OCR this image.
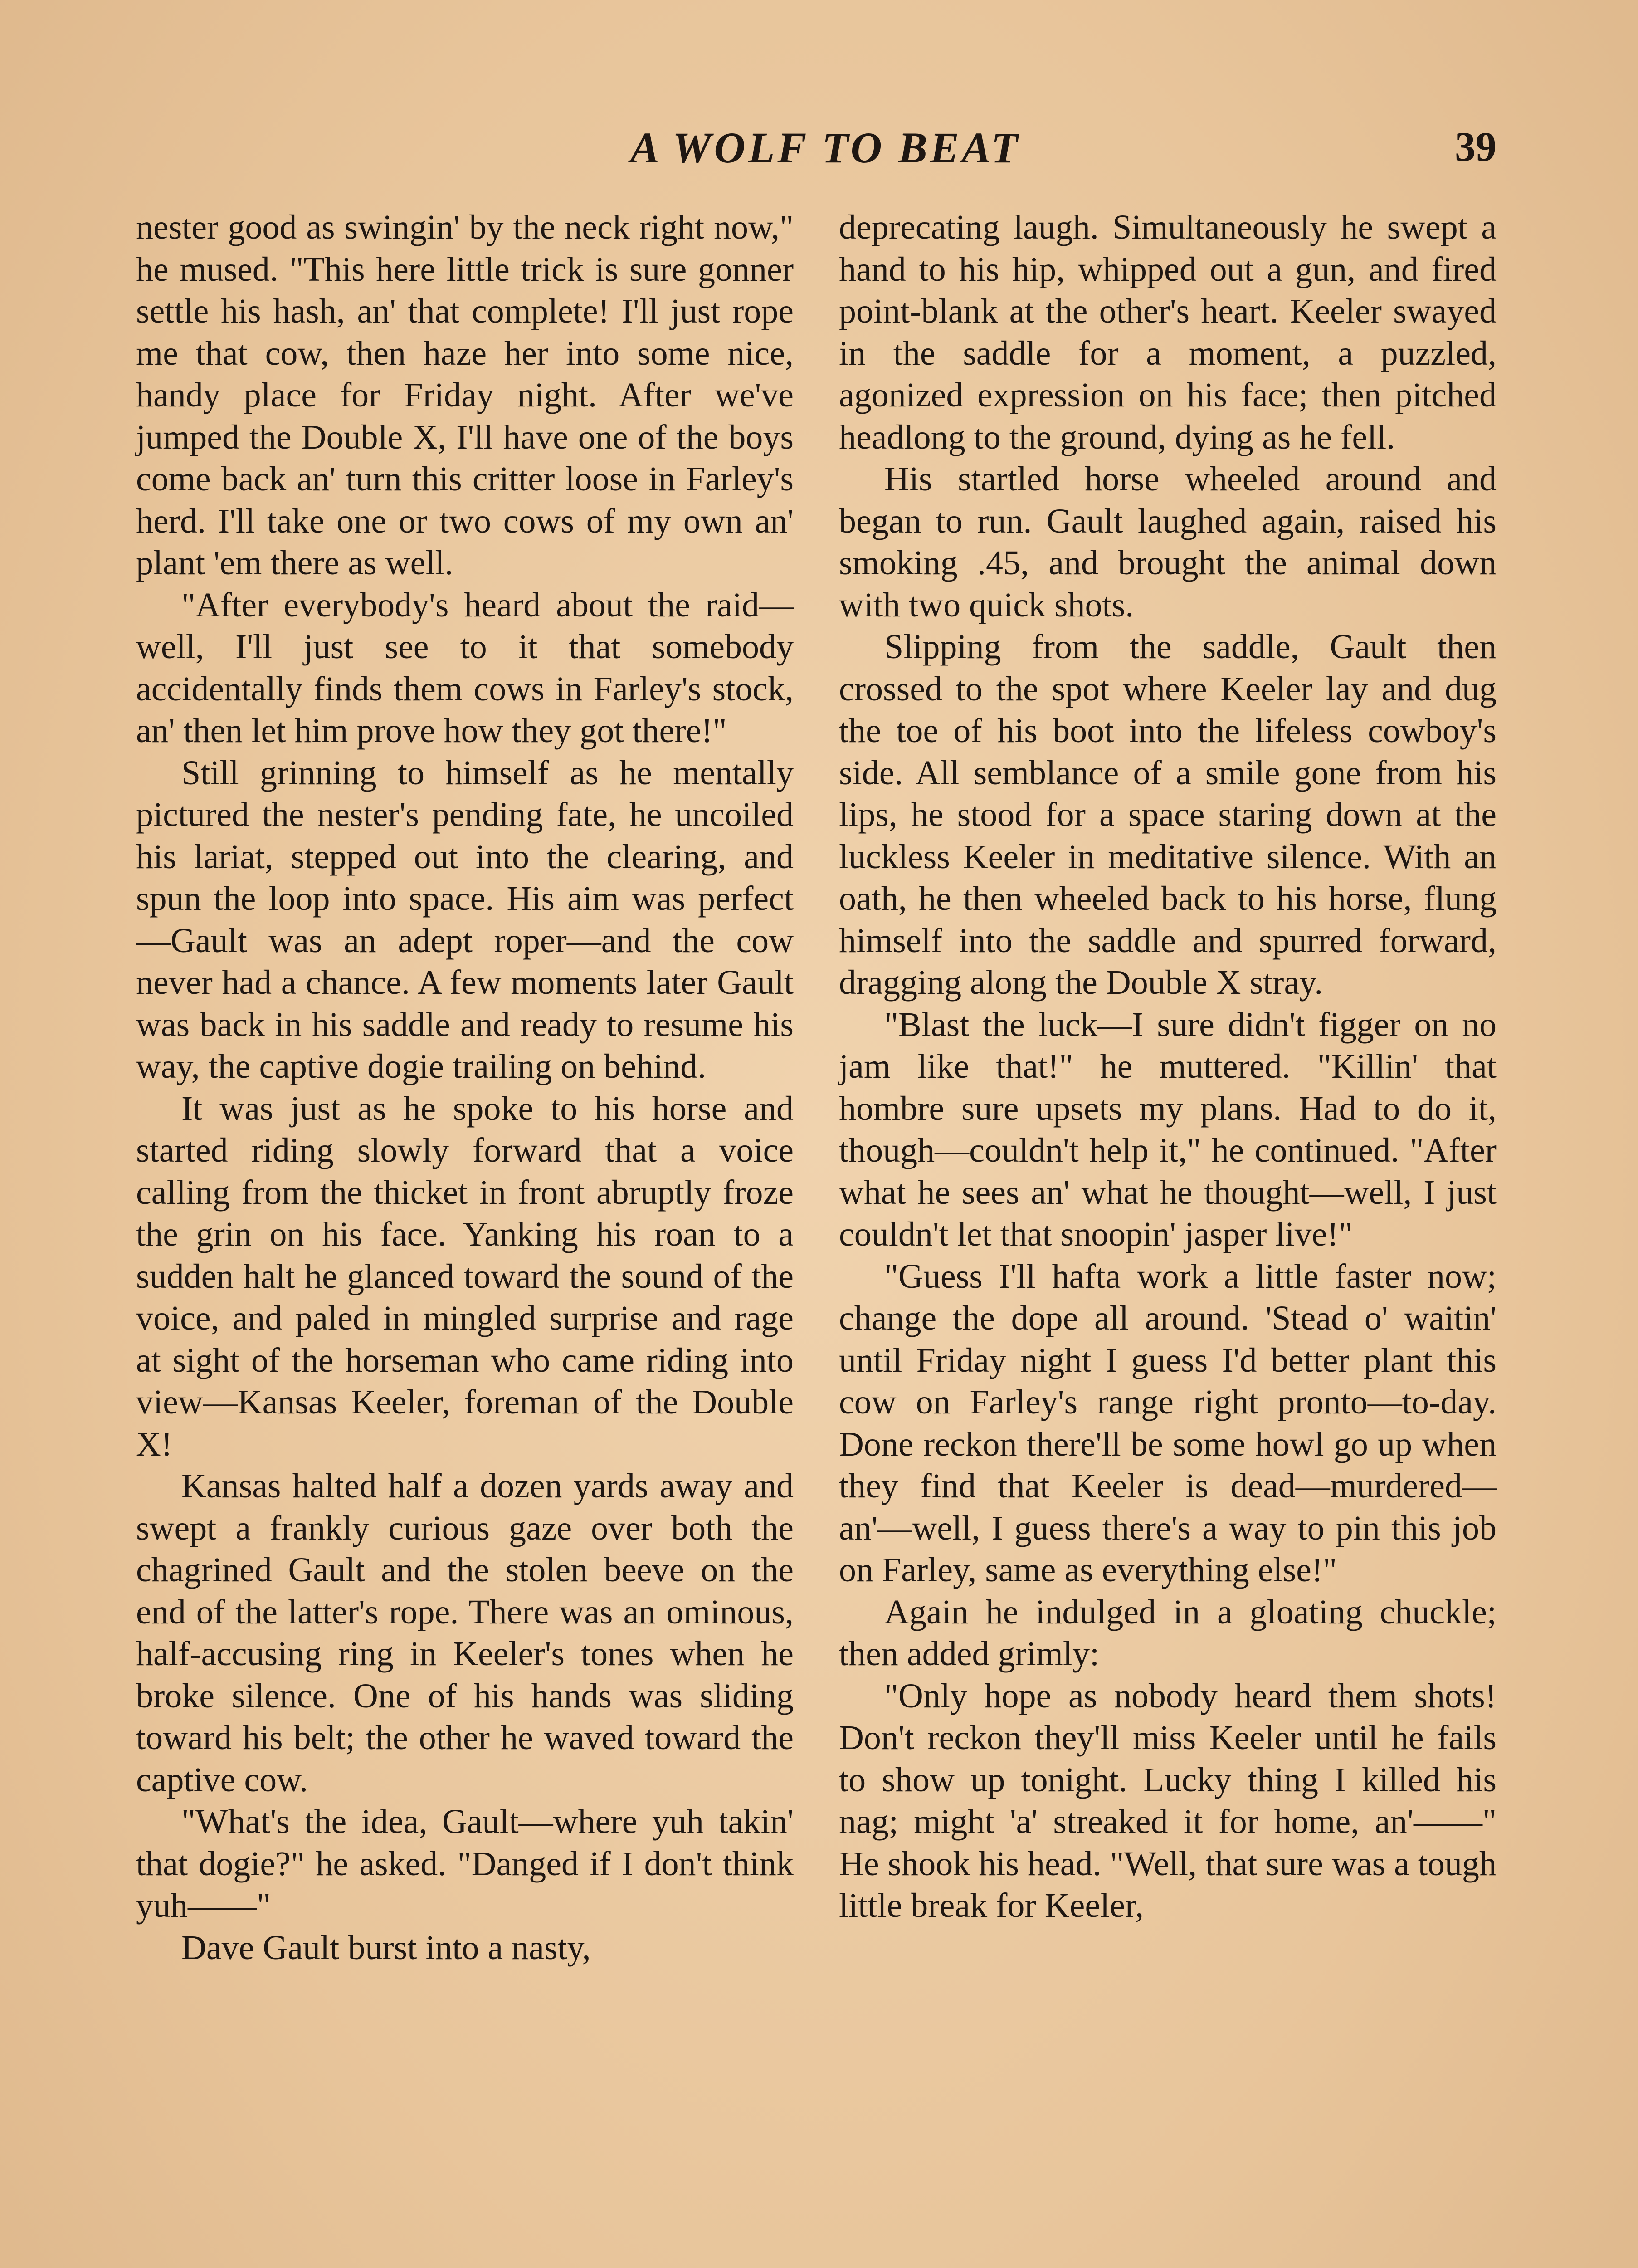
A WOLF TO BEAT	39

nester good as swingin' by the neck right now," he mused. "This here little trick is sure gonner settle his hash, an' that complete! I'll just rope me that cow, then haze her into some nice, handy place for Friday night. After we've jumped the Double X, I'll have one of the boys come back an' turn this critter loose in Farley's herd. I'll take one or two cows of my own an' plant 'em there as well.

"After everybody's heard about the raid—well, I'll just see to it that somebody accidentally finds them cows in Farley's stock, an' then let him prove how they got there!"

Still grinning to himself as he mentally pictured the nester's pending fate, he uncoiled his lariat, stepped out into the clearing, and spun the loop into space. His aim was perfect—Gault was an adept roper—and the cow never had a chance. A few moments later Gault was back in his saddle and ready to resume his way, the captive dogie trailing on behind.

It was just as he spoke to his horse and started riding slowly forward that a voice calling from the thicket in front abruptly froze the grin on his face. Yanking his roan to a sudden halt he glanced toward the sound of the voice, and paled in mingled surprise and rage at sight of the horseman who came riding into view—Kansas Keeler, foreman of the Double X!

Kansas halted half a dozen yards away and swept a frankly curious gaze over both the chagrined Gault and the stolen beeve on the end of the latter's rope. There was an ominous, half-accusing ring in Keeler's tones when he broke silence. One of his hands was sliding toward his belt; the other he waved toward the captive cow.

"What's the idea, Gault—where yuh takin' that dogie?" he asked. "Danged if I don't think yuh——"

Dave Gault burst into a nasty,

deprecating laugh. Simultaneously he swept a hand to his hip, whipped out a gun, and fired point-blank at the other's heart. Keeler swayed in the saddle for a moment, a puzzled, agonized expression on his face; then pitched headlong to the ground, dying as he fell.

His startled horse wheeled around and began to run. Gault laughed again, raised his smoking .45, and brought the animal down with two quick shots.

Slipping from the saddle, Gault then crossed to the spot where Keeler lay and dug the toe of his boot into the lifeless cowboy's side. All semblance of a smile gone from his lips, he stood for a space staring down at the luckless Keeler in meditative silence. With an oath, he then wheeled back to his horse, flung himself into the saddle and spurred forward, dragging along the Double X stray.

"Blast the luck—I sure didn't figger on no jam like that!" he muttered. "Killin' that hombre sure upsets my plans. Had to do it, though—couldn't help it," he continued. "After what he sees an' what he thought—well, I just couldn't let that snoopin' jasper live!"

"Guess I'll hafta work a little faster now; change the dope all around. 'Stead o' waitin' until Friday night I guess I'd better plant this cow on Farley's range right pronto—to-day. Done reckon there'll be some howl go up when they find that Keeler is dead—murdered—an'—well, I guess there's a way to pin this job on Farley, same as everything else!"

Again he indulged in a gloating chuckle; then added grimly:

"Only hope as nobody heard them shots! Don't reckon they'll miss Keeler until he fails to show up tonight. Lucky thing I killed his nag; might 'a' streaked it for home, an'——" He shook his head. "Well, that sure was a tough little break for Keeler,
